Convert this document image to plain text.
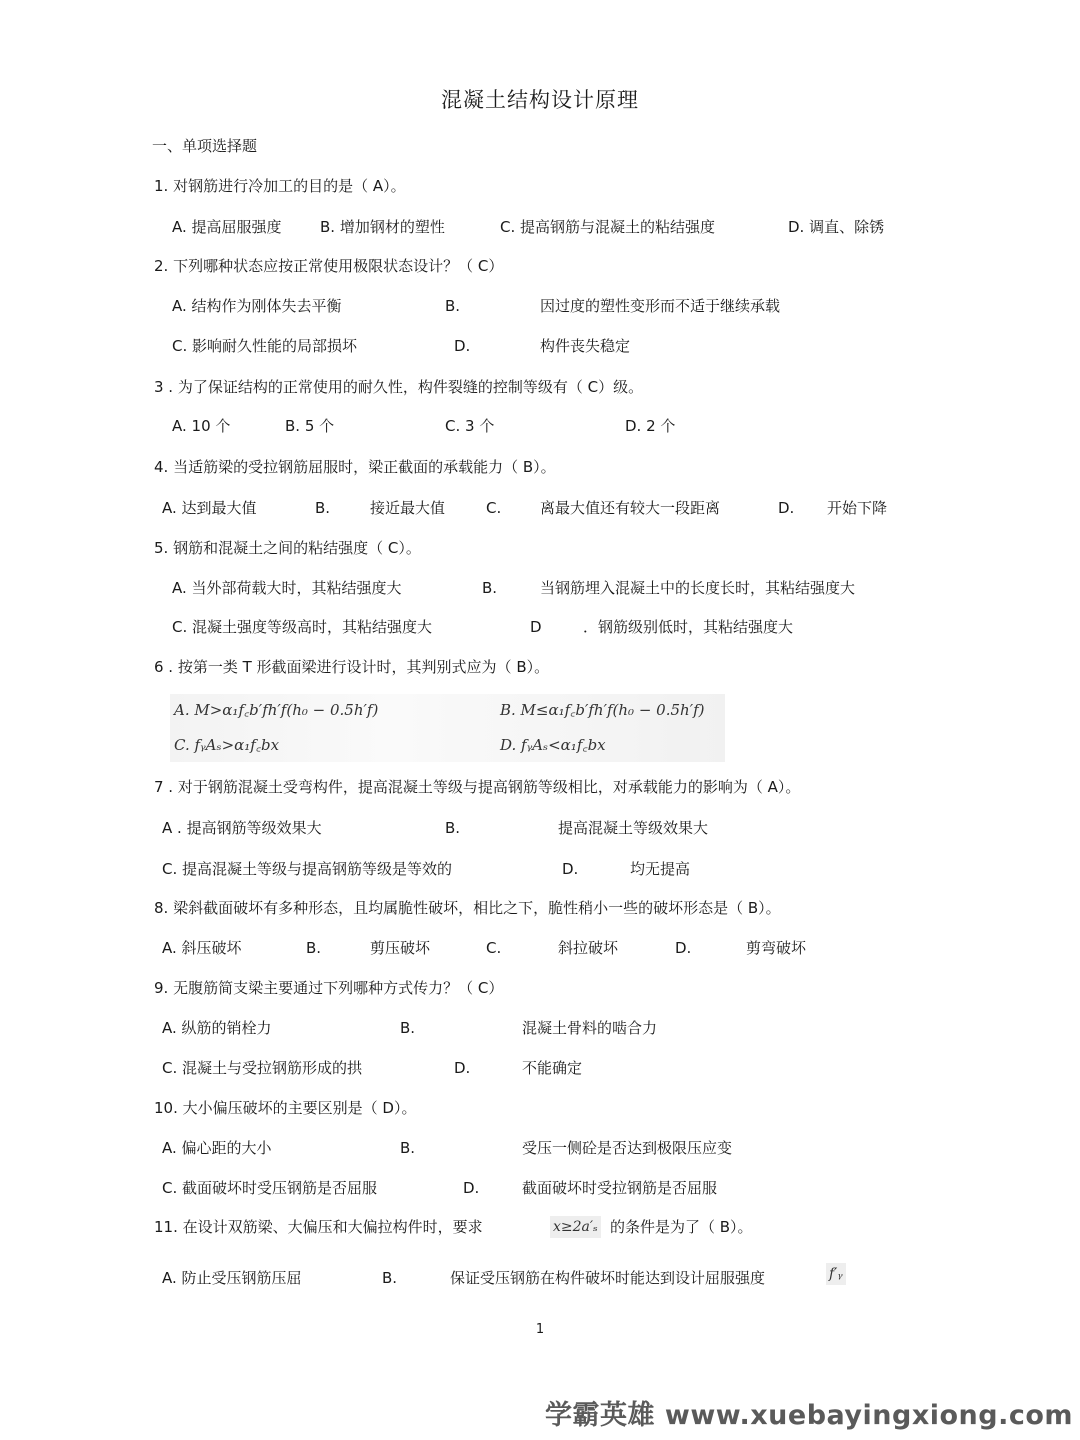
混凝土结构设计原理
一、单项选择题
1. 对钢筋进行冷加工的目的是（ A）。
A. 提高屈服强度	B. 增加钢材的塑性	C. 提高钢筋与混凝土的粘结强度	D. 调直、除锈
2. 下列哪种状态应按正常使用极限状态设计？（ C）
A. 结构作为刚体失去平衡	B.	因过度的塑性变形而不适于继续承载
C. 影响耐久性能的局部损坏	D.	构件丧失稳定
3 . 为了保证结构的正常使用的耐久性，构件裂缝的控制等级有（ C）级。
A. 10 个	B. 5 个	C. 3 个	D. 2 个
4. 当适筋梁的受拉钢筋屈服时，梁正截面的承载能力（ B）。
A. 达到最大值	B.	接近最大值	C.	离最大值还有较大一段距离	D. 开始下降
5. 钢筋和混凝土之间的粘结强度（ C）。
A. 当外部荷载大时，其粘结强度大	B.	当钢筋埋入混凝土中的长度长时，其粘结强度大
C. 混凝土强度等级高时，其粘结强度大	D	．钢筋级别低时，其粘结强度大
6 . 按第一类 T 形截面梁进行设计时，其判别式应为（ B）。
A. M>α₁f꜀b′fh′f(h₀ − 0.5h′f)	B. M≤α₁f꜀b′fh′f(h₀ − 0.5h′f)
C. fᵧAₛ>α₁f꜀bx	D. fᵧAₛ<α₁f꜀bx
7 . 对于钢筋混凝土受弯构件，提高混凝土等级与提高钢筋等级相比，对承载能力的影响为（ A）。
A . 提高钢筋等级效果大	B.	提高混凝土等级效果大
C. 提高混凝土等级与提高钢筋等级是等效的	D.	均无提高
8. 梁斜截面破坏有多种形态，且均属脆性破坏，相比之下，脆性稍小一些的破坏形态是（ B）。
A. 斜压破坏	B.	剪压破坏	C.	斜拉破坏	D.	剪弯破坏
9. 无腹筋简支梁主要通过下列哪种方式传力？（ C）
A. 纵筋的销栓力	B.	混凝土骨料的啮合力
C. 混凝土与受拉钢筋形成的拱	D.	不能确定
10. 大小偏压破坏的主要区别是（ D）。
A. 偏心距的大小	B.	受压一侧砼是否达到极限压应变
C. 截面破坏时受压钢筋是否屈服	D.	截面破坏时受拉钢筋是否屈服
11. 在设计双筋梁、大偏压和大偏拉构件时，要求	x≥2a′ₛ 的条件是为了（ B）。
A. 防止受压钢筋压屈	B.	保证受压钢筋在构件破坏时能达到设计屈服强度	f′ᵧ
1
学霸英雄 www.xuebayingxiong.com
